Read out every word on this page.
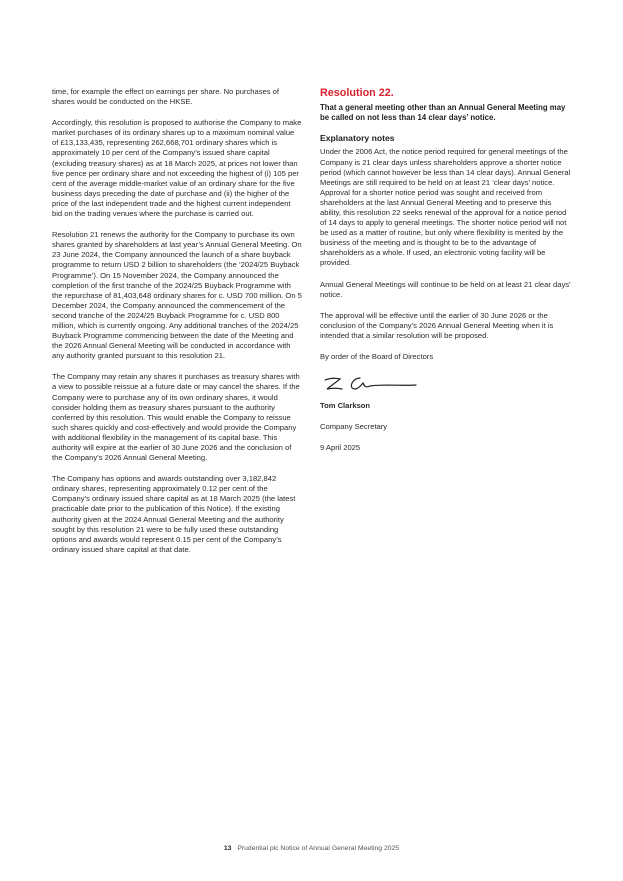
time, for example the effect on earnings per share. No purchases of shares would be conducted on the HKSE.

Accordingly, this resolution is proposed to authorise the Company to make market purchases of its ordinary shares up to a maximum nominal value of £13,133,435, representing 262,668,701 ordinary shares which is approximately 10 per cent of the Company’s issued share capital (excluding treasury shares) as at 18 March 2025, at prices not lower than five pence per ordinary share and not exceeding the highest of (i) 105 per cent of the average middle-market value of an ordinary share for the five business days preceding the date of purchase and (ii) the higher of the price of the last independent trade and the highest current independent bid on the trading venues where the purchase is carried out.

Resolution 21 renews the authority for the Company to purchase its own shares granted by shareholders at last year’s Annual General Meeting. On 23 June 2024, the Company announced the launch of a share buyback programme to return USD 2 billion to shareholders (the ‘2024/25 Buyback Programme’). On 15 November 2024, the Company announced the completion of the first tranche of the 2024/25 Buyback Programme with the repurchase of 81,403,648 ordinary shares for c. USD 700 million. On 5 December 2024, the Company announced the commencement of the second tranche of the 2024/25 Buyback Programme for c. USD 800 million, which is currently ongoing. Any additional tranches of the 2024/25 Buyback Programme commencing between the date of the Meeting and the 2026 Annual General Meeting will be conducted in accordance with any authority granted pursuant to this resolution 21.

The Company may retain any shares it purchases as treasury shares with a view to possible reissue at a future date or may cancel the shares. If the Company were to purchase any of its own ordinary shares, it would consider holding them as treasury shares pursuant to the authority conferred by this resolution. This would enable the Company to reissue such shares quickly and cost-effectively and would provide the Company with additional flexibility in the management of its capital base. This authority will expire at the earlier of 30 June 2026 and the conclusion of the Company’s 2026 Annual General Meeting.

The Company has options and awards outstanding over 3,182,842 ordinary shares, representing approximately 0.12 per cent of the Company’s ordinary issued share capital as at 18 March 2025 (the latest practicable date prior to the publication of this Notice). If the existing authority given at the 2024 Annual General Meeting and the authority sought by this resolution 21 were to be fully used these outstanding options and awards would represent 0.15 per cent of the Company’s ordinary issued share capital at that date.

Resolution 22.
That a general meeting other than an Annual General Meeting may be called on not less than 14 clear days’ notice.
Explanatory notes

Under the 2006 Act, the notice period required for general meetings of the Company is 21 clear days unless shareholders approve a shorter notice period (which cannot however be less than 14 clear days). Annual General Meetings are still required to be held on at least 21 ‘clear days’ notice. Approval for a shorter notice period was sought and received from shareholders at the last Annual General Meeting and to preserve this ability, this resolution 22 seeks renewal of the approval for a notice period of 14 days to apply to general meetings. The shorter notice period will not be used as a matter of routine, but only where flexibility is merited by the business of the meeting and is thought to be to the advantage of shareholders as a whole. If used, an electronic voting facility will be provided.

Annual General Meetings will continue to be held on at least 21 clear days’ notice.

The approval will be effective until the earlier of 30 June 2026 or the conclusion of the Company’s 2026 Annual General Meeting when it is intended that a similar resolution will be proposed.

By order of the Board of Directors

Tom Clarkson

Company Secretary

9 April 2025

13 Prudential plc Notice of Annual General Meeting 2025
